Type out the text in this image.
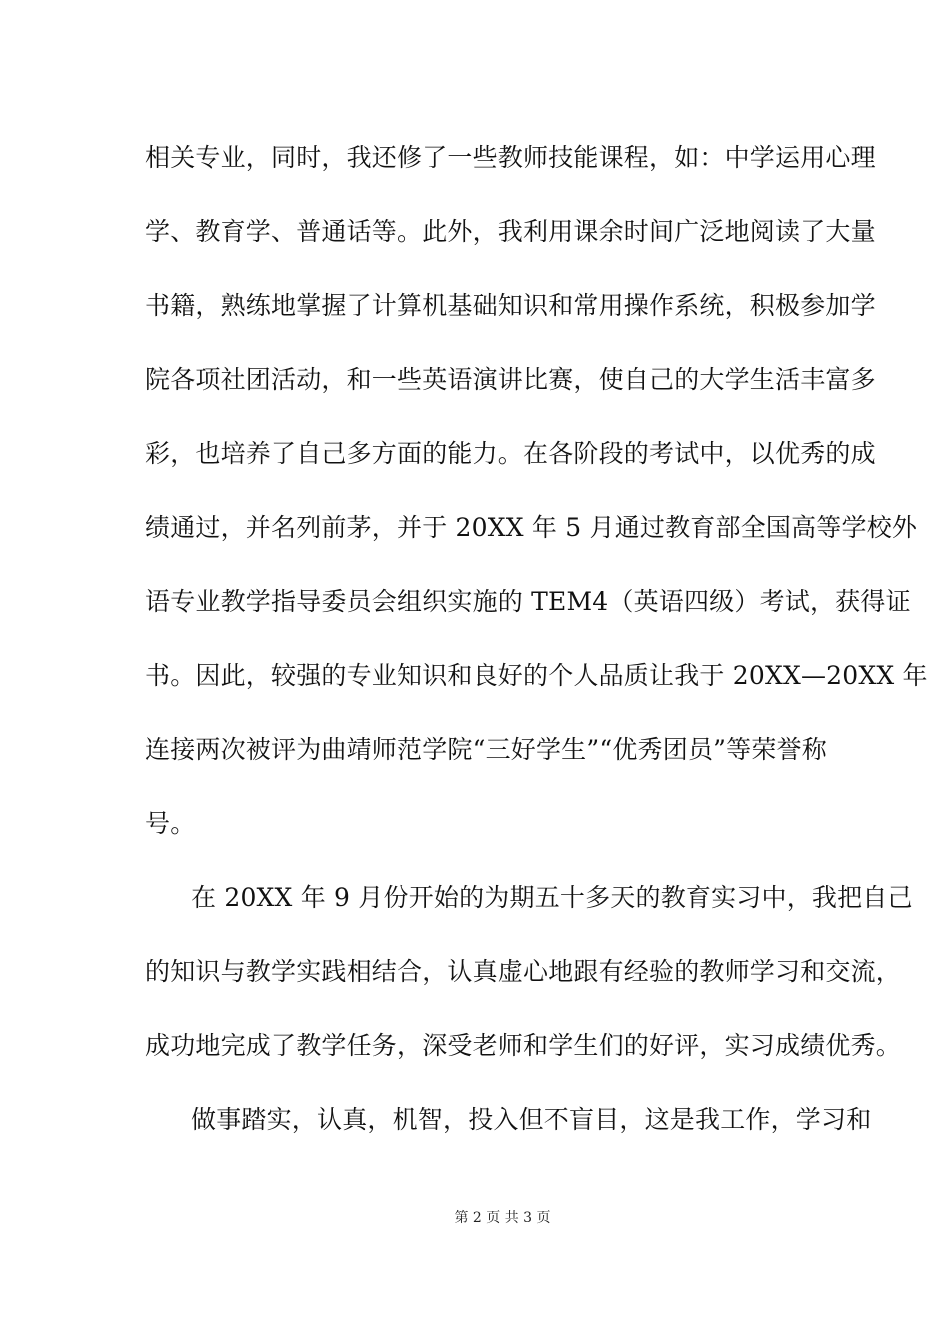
相关专业，同时，我还修了一些教师技能课程，如：中学运用心理
学、教育学、普通话等。此外，我利用课余时间广泛地阅读了大量
书籍，熟练地掌握了计算机基础知识和常用操作系统，积极参加学
院各项社团活动，和一些英语演讲比赛，使自己的大学生活丰富多
彩，也培养了自己多方面的能力。在各阶段的考试中，以优秀的成
绩通过，并名列前茅，并于 20XX 年 5 月通过教育部全国高等学校外
语专业教学指导委员会组织实施的 TEM4（英语四级）考试，获得证
书。因此，较强的专业知识和良好的个人品质让我于 20XX—20XX 年
连接两次被评为曲靖师范学院“三好学生”“优秀团员”等荣誉称
号。
在 20XX 年 9 月份开始的为期五十多天的教育实习中，我把自己
的知识与教学实践相结合，认真虚心地跟有经验的教师学习和交流，
成功地完成了教学任务，深受老师和学生们的好评，实习成绩优秀。
做事踏实，认真，机智，投入但不盲目，这是我工作，学习和
第 2 页 共 3 页
